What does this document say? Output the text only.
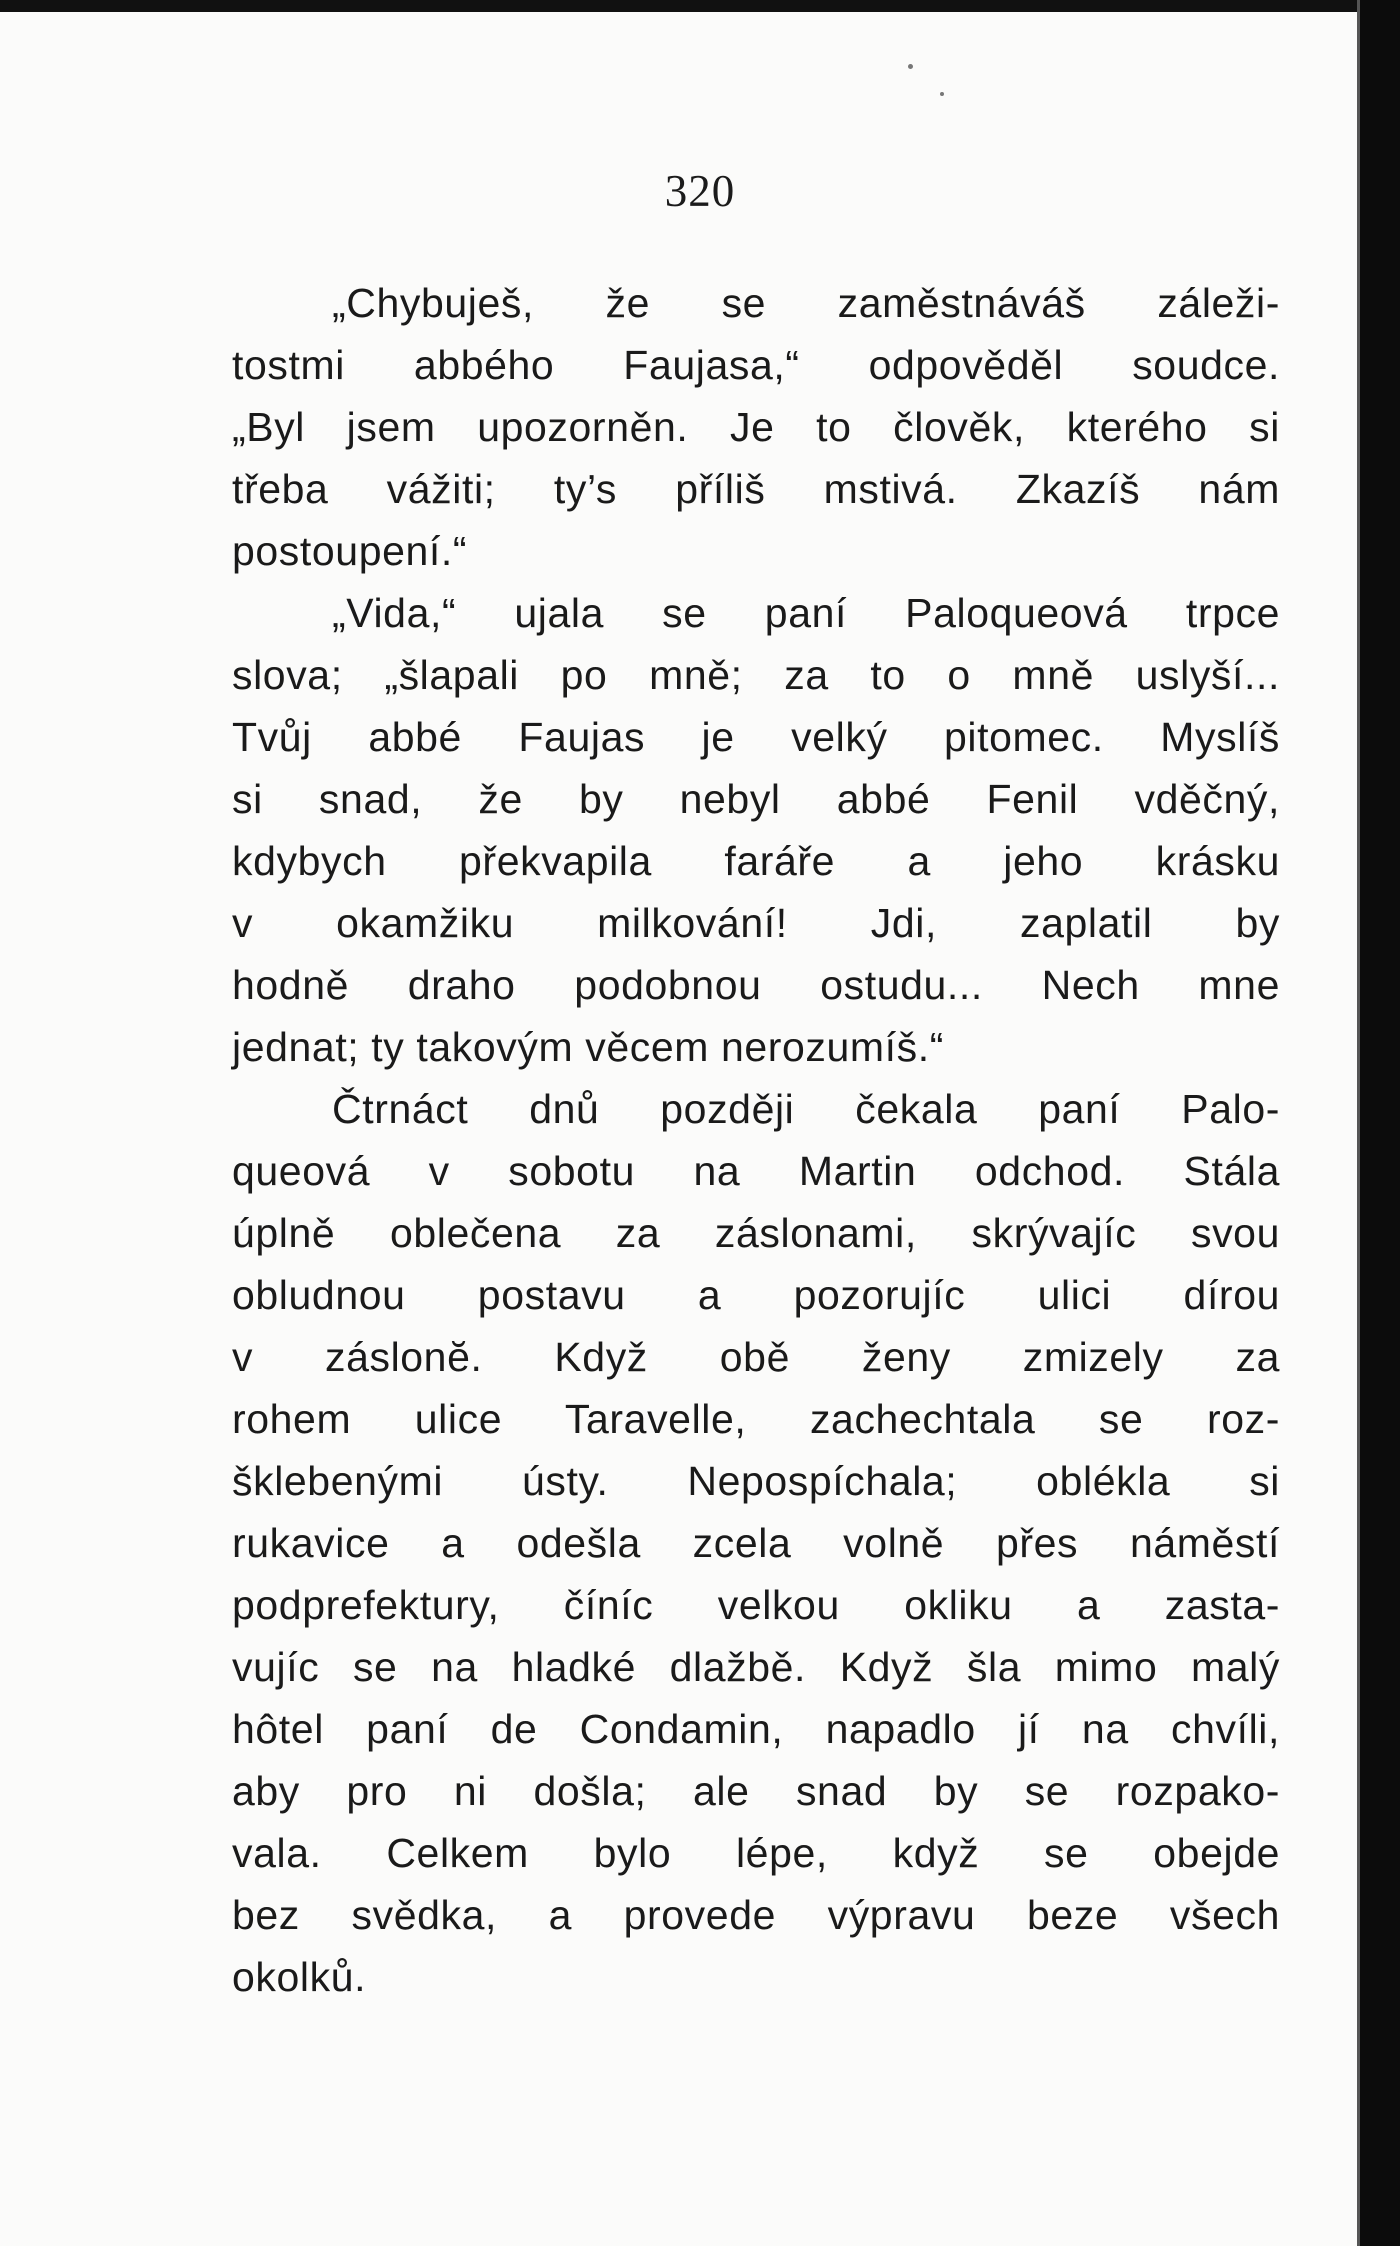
320
„Chybuješ, že se zaměstnáváš záleži-
tostmi abbého Faujasa,“ odpověděl soudce.
„Byl jsem upozorněn. Je to člověk, kterého si
třeba vážiti; ty’s příliš mstivá. Zkazíš nám
postoupení.“
„Vida,“ ujala se paní Paloqueová trpce
slova; „šlapali po mně; za to o mně uslyší...
Tvůj abbé Faujas je velký pitomec. Myslíš
si snad, že by nebyl abbé Fenil vděčný,
kdybych překvapila faráře a jeho krásku
v okamžiku milkování! Jdi, zaplatil by
hodně draho podobnou ostudu... Nech mne
jednat; ty takovým věcem nerozumíš.“
Čtrnáct dnů později čekala paní Palo-
queová v sobotu na Martin odchod. Stála
úplně oblečena za záslonami, skrývajíc svou
obludnou postavu a pozorujíc ulici dírou
v záslonĕ. Když obě ženy zmizely za
rohem ulice Taravelle, zachechtala se roz-
šklebenými ústy. Nepospíchala; oblékla si
rukavice a odešla zcela volně přes náměstí
podprefektury, číníc velkou okliku a zasta-
vujíc se na hladké dlažbě. Když šla mimo malý
hôtel paní de Condamin, napadlo jí na chvíli,
aby pro ni došla; ale snad by se rozpako-
vala. Celkem bylo lépe, když se obejde
bez svědka, a provede výpravu beze všech
okolků.
